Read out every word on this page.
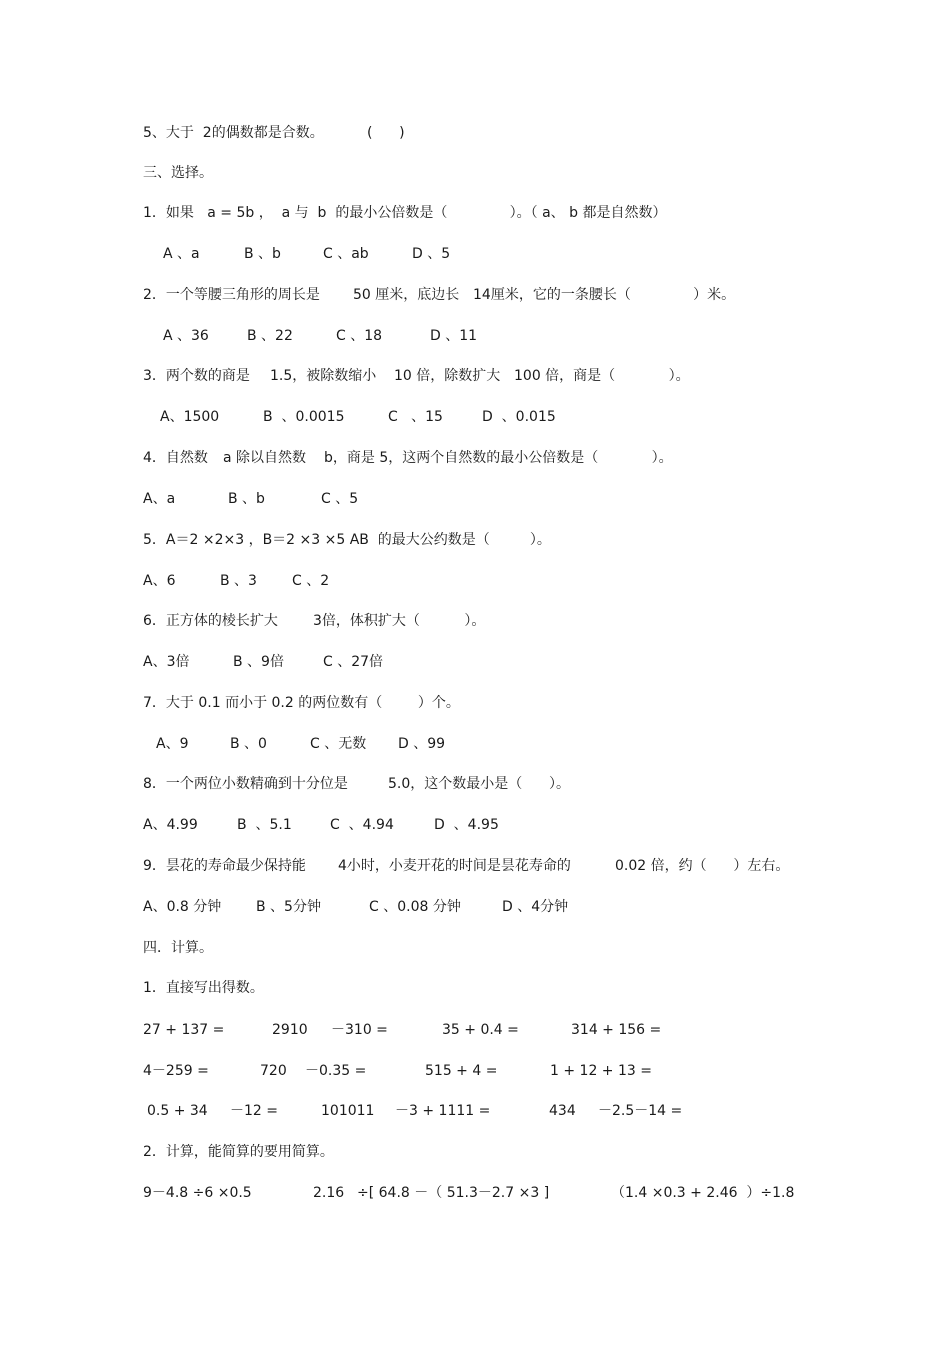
5、大于  2的偶数都是合数。	(      )
三、选择。
1．如果   a = 5b ，  a 与  b  的最小公倍数是（              ）。（ a、 b 都是自然数）
A 、a	B 、b	C 、ab	D 、5
2．一个等腰三角形的周长是 50 厘米，底边长 14厘米，它的一条腰长（              ）米。
A 、36	B 、22	C 、18	D 、11
3．两个数的商是 1.5，被除数缩小 10 倍，除数扩大 100 倍，商是（            ）。
A、1500	B  、0.0015	C   、15	D  、0.015
4．自然数 a 除以自然数 b，商是 5，这两个自然数的最小公倍数是（            ）。
A、a	B 、b	C 、5
5．A＝2 ×2×3 ，B＝2 ×3 ×5 AB  的最大公约数是（         ）。
A、6	B 、3	C 、2
6．正方体的棱长扩大	3倍，体积扩大（          ）。
A、3倍	B 、9倍	C 、27倍
7．大于 0.1 而小于 0.2 的两位数有（        ）个。
A、9	B 、0	C 、无数 D 、99
8．一个两位小数精确到十分位是	5.0，这个数最小是（      ）。
A、4.99	B  、5.1	C  、4.94	D  、4.95
9．昙花的寿命最少保持能 4小时，小麦开花的时间是昙花寿命的	0.02 倍，约（      ）左右。
A、0.8 分钟 B 、5分钟	C 、0.08 分钟	D 、4分钟
四．计算。
1．直接写出得数。
27 + 137 =	2910 －310 =	35 + 0.4 =	314 + 156 =
4－259 =	720 －0.35 =	515 + 4 =	1 + 12 + 13 =
0.5 + 34 －12 =	101011 －3 + 1111 =	434 －2.5－14 =
2．计算，能简算的要用简算。
9－4.8 ÷6 ×0.5	2.16 ÷[ 64.8 －（ 51.3－2.7 ×3 ]	（1.4 ×0.3 + 2.46  ）÷1.8
